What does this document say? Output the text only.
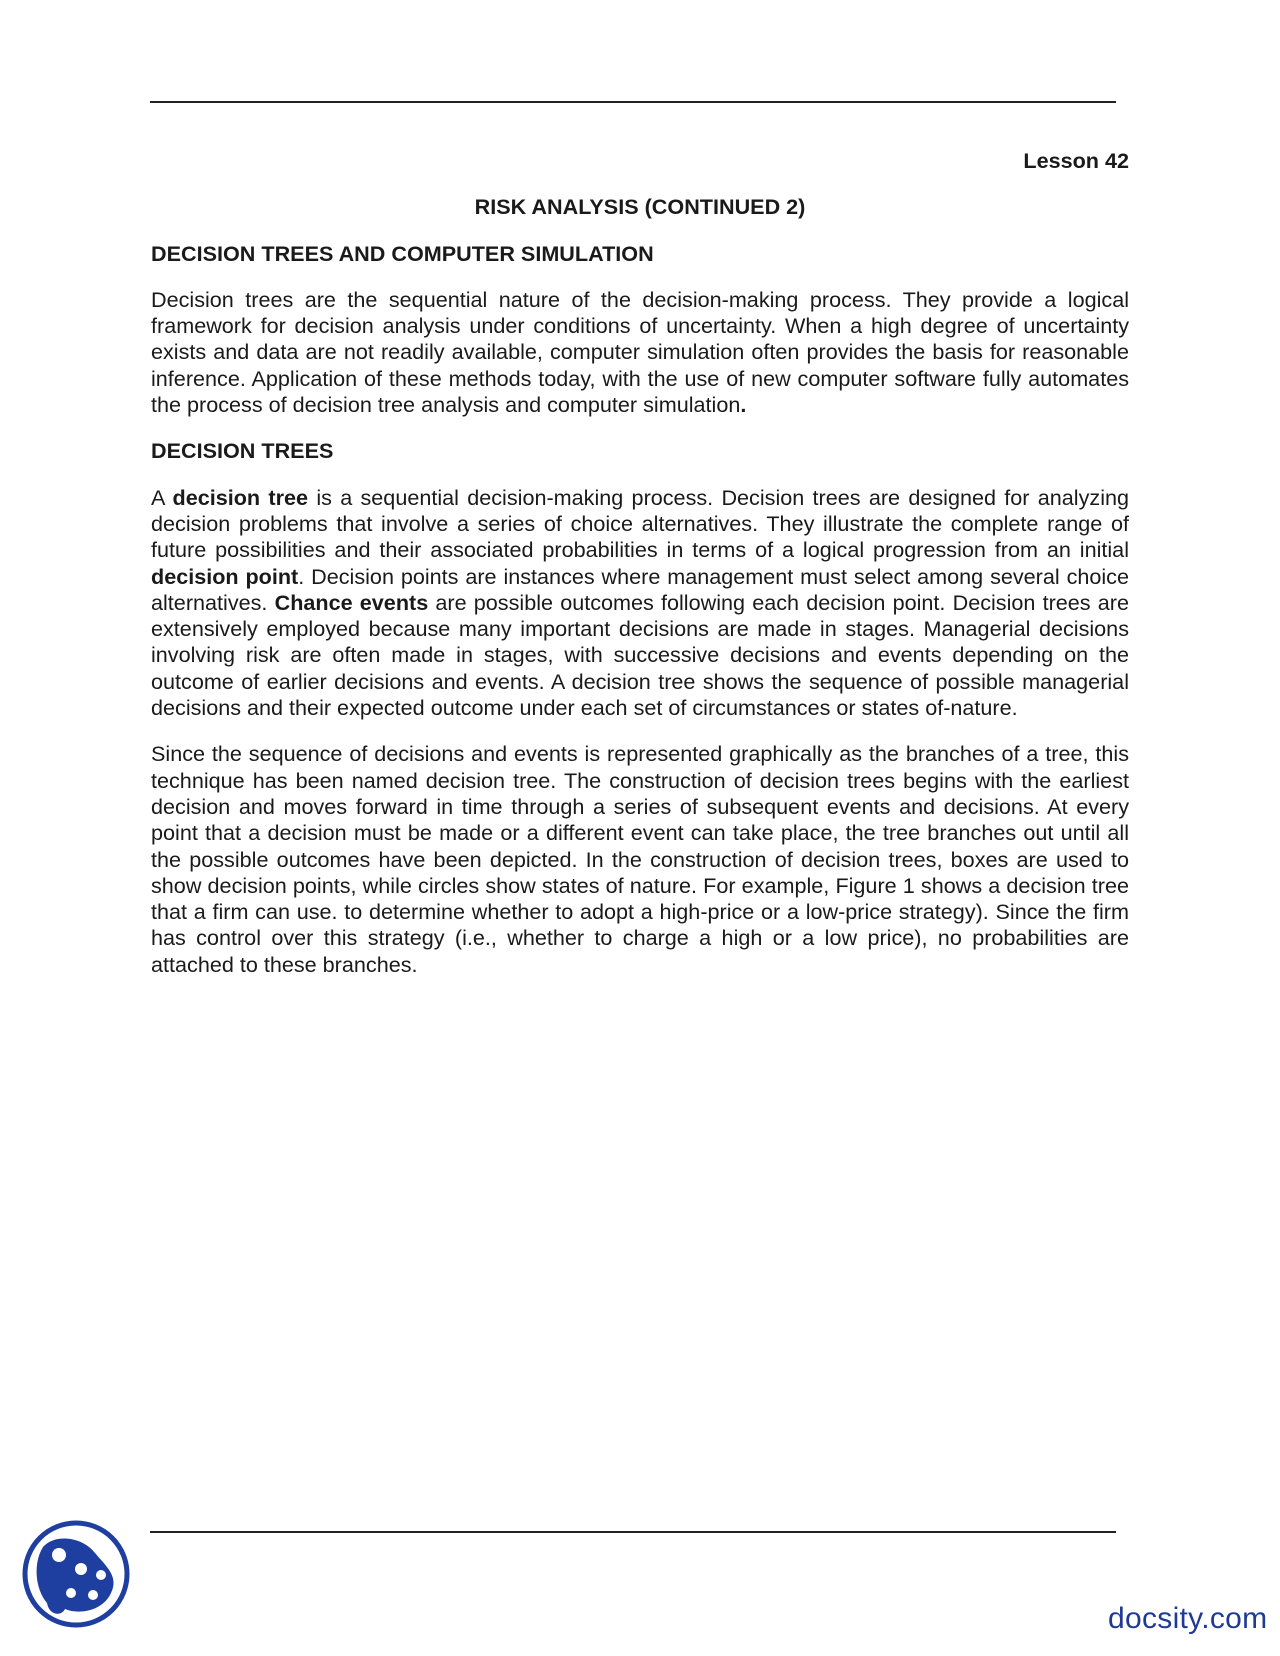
Lesson 42

RISK ANALYSIS (CONTINUED 2)

DECISION TREES AND COMPUTER SIMULATION

Decision trees are the sequential nature of the decision-making process. They provide a logical framework for decision analysis under conditions of uncertainty. When a high degree of uncertainty exists and data are not readily available, computer simulation often provides the basis for reasonable inference. Application of these methods today, with the use of new computer software fully automates the process of decision tree analysis and computer simulation.

DECISION TREES

A decision tree is a sequential decision-making process. Decision trees are designed for analyzing decision problems that involve a series of choice alternatives. They illustrate the complete range of future possibilities and their associated probabilities in terms of a logical progression from an initial decision point. Decision points are instances where management must select among several choice alternatives. Chance events are possible outcomes following each decision point. Decision trees are extensively employed because many important decisions are made in stages. Managerial decisions involving risk are often made in stages, with successive decisions and events depending on the outcome of earlier decisions and events. A decision tree shows the sequence of possible managerial decisions and their expected outcome under each set of circumstances or states of-nature.

Since the sequence of decisions and events is represented graphically as the branches of a tree, this technique has been named decision tree. The construction of decision trees begins with the earliest decision and moves forward in time through a series of subsequent events and decisions. At every point that a decision must be made or a different event can take place, the tree branches out until all the possible outcomes have been depicted. In the construction of decision trees, boxes are used to show decision points, while circles show states of nature. For example, Figure 1 shows a decision tree that a firm can use. to determine whether to adopt a high-price or a low-price strategy). Since the firm has control over this strategy (i.e., whether to charge a high or a low price), no probabilities are attached to these branches.

docsity.com
